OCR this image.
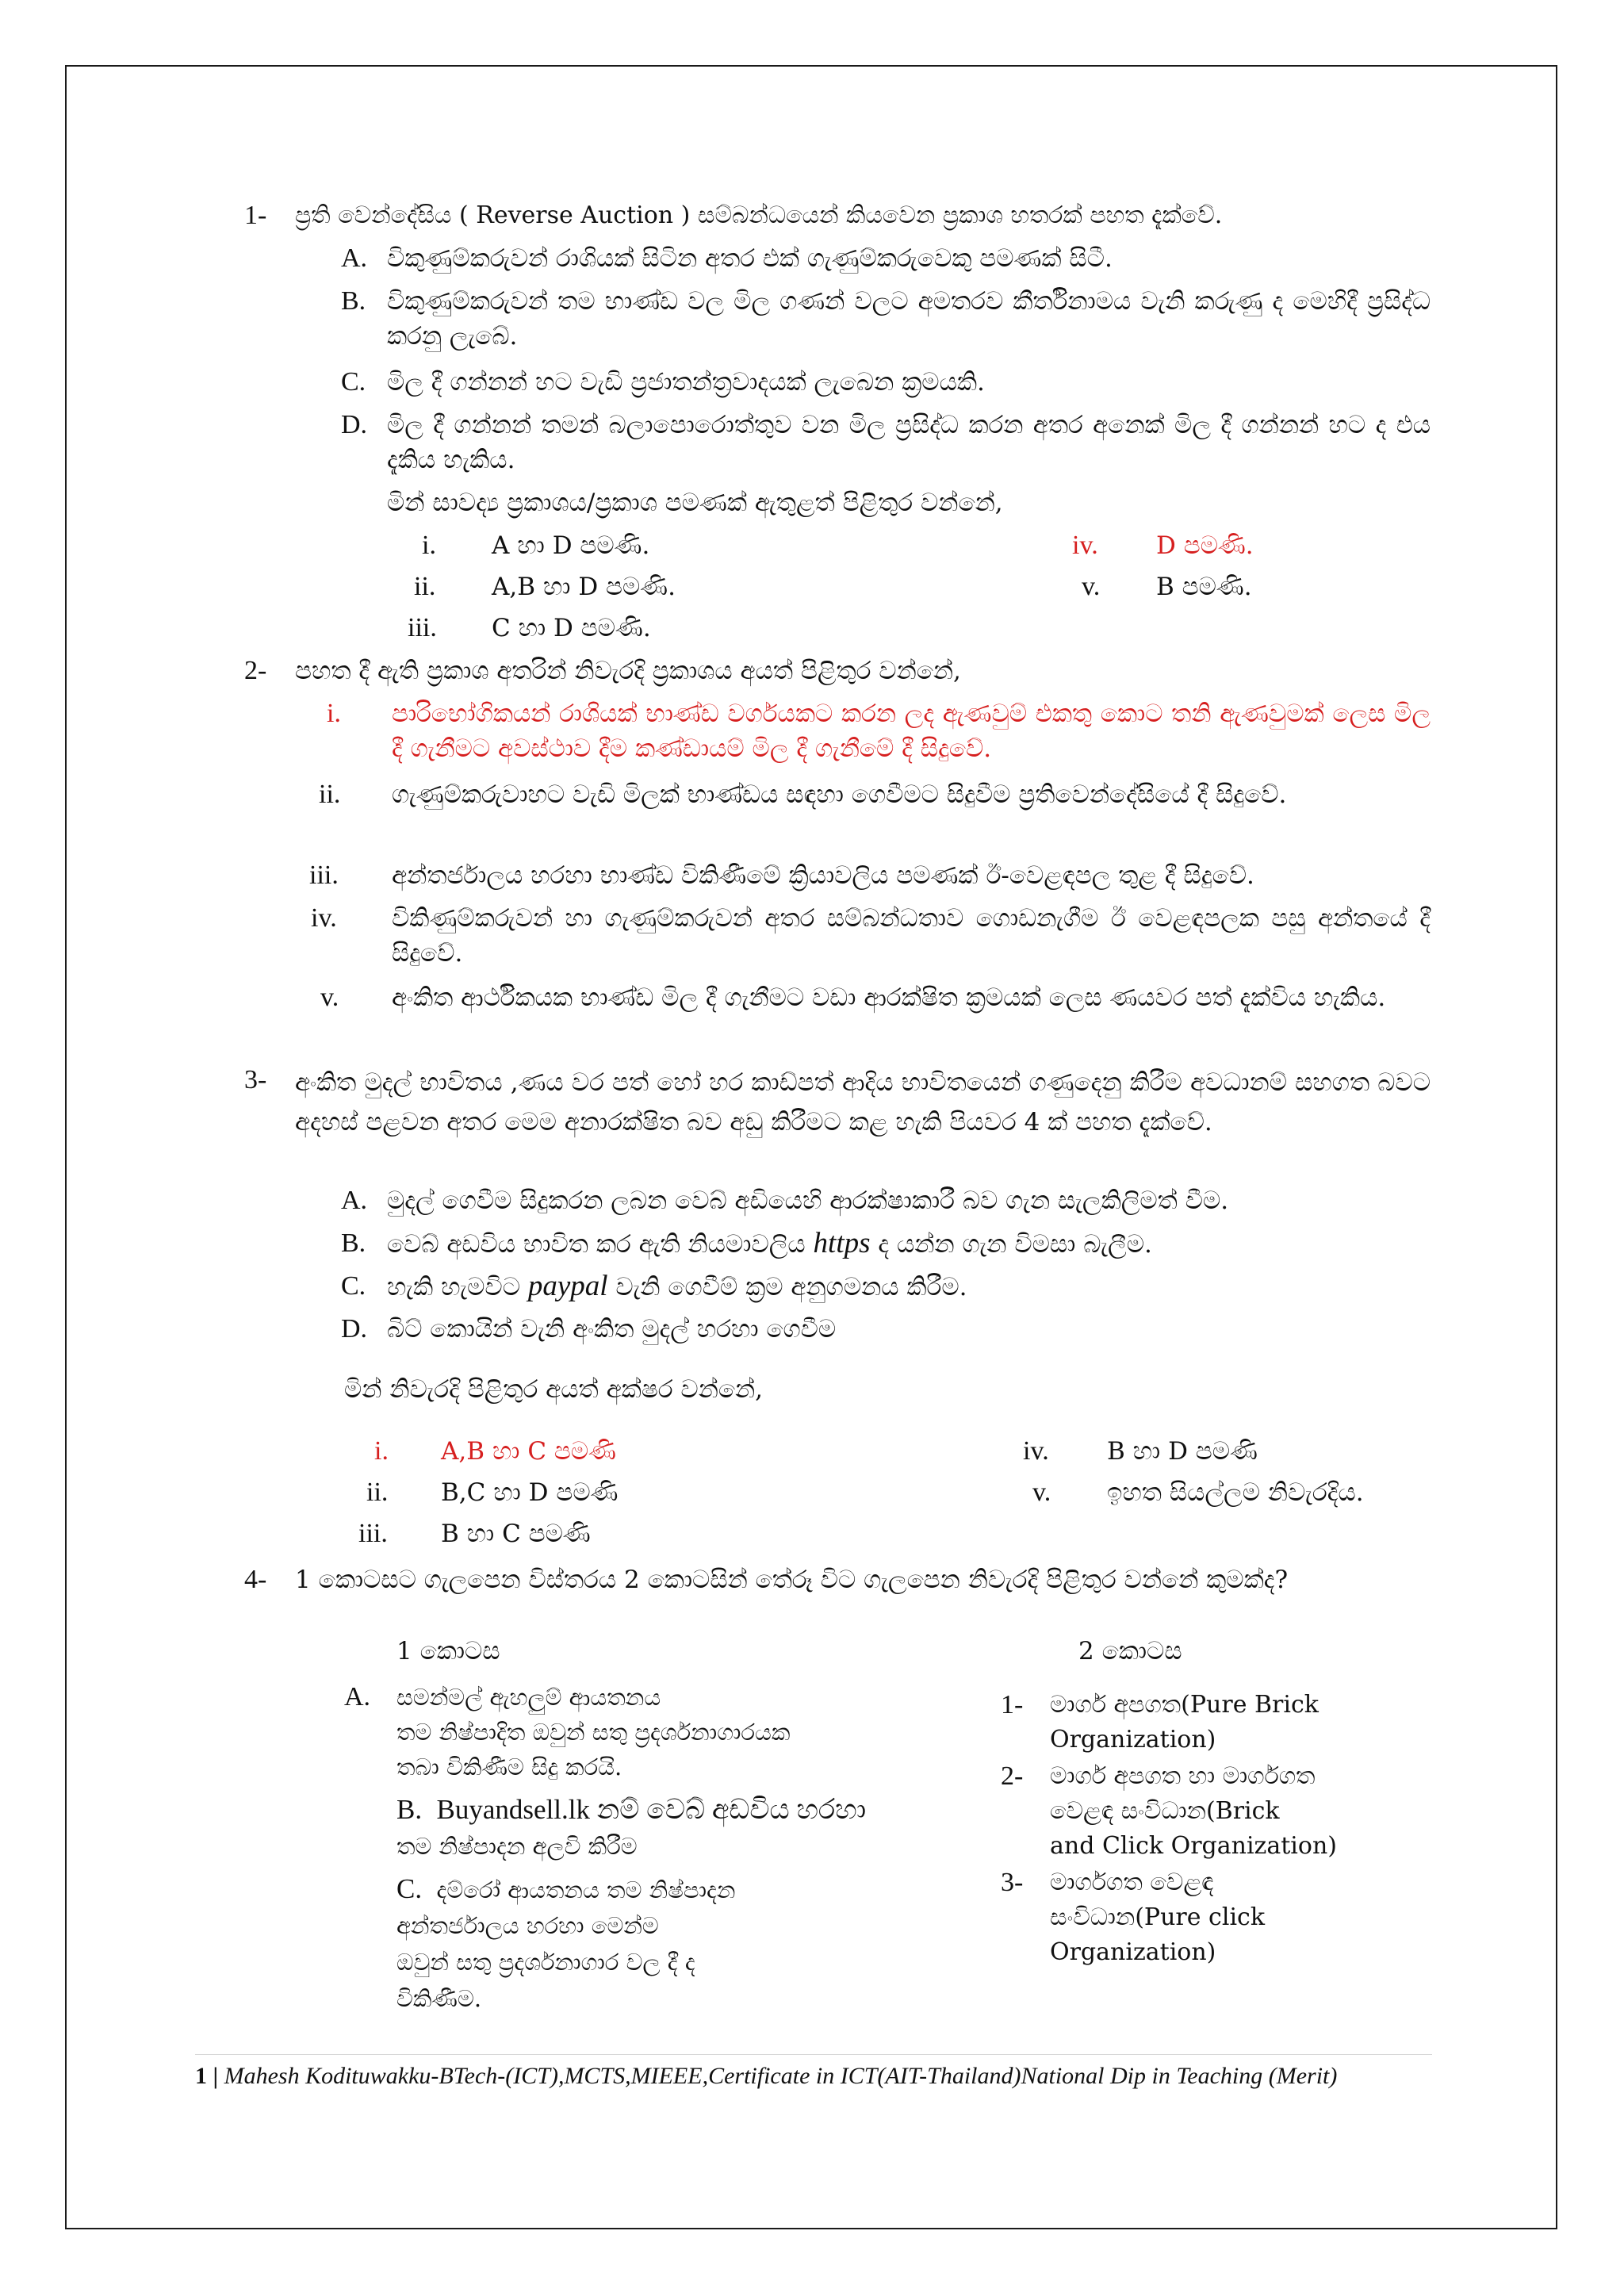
1- ප්‍රති වෙන්දේසිය ( Reverse Auction ) සම්බන්ධයෙන් කියවෙන ප්‍රකාශ හතරක් පහත දැක්වේ.
A. විකුණුම්කරුවන් රාශියක් සිටින අතර එක් ගැණුම්කරුවෙකු පමණක් සිටී.
B. විකුණුම්කරුවන් තම භාණ්ඩ වල මිල ගණන් වලට අමතරව කීර්තිනාමය වැනි කරුණු ද මෙහිදී ප්‍රසිද්ධ කරනු ලැබේ.
C. මිල දී ගන්නන් හට වැඩි ප්‍රජාතන්ත්‍රවාදයක් ලැබෙන ක්‍රමයකි.
D. මිල දී ගන්නන් තමන් බලාපොරොත්තුව වන මිල ප්‍රසිද්ධ කරන අතර අනෙක් මිල දී ගන්නන් හට ද එය දැකිය හැකිය.
මින් සාවද්‍ය ප්‍රකාශය/ප්‍රකාශ පමණක් ඇතුළත් පිළිතුර වන්නේ,
i. A හා D පමණි.
ii. A,B හා D පමණි.
iii. C හා D පමණි.
iv. D පමණි.
v. B පමණි.
2- පහත දී ඇති ප්‍රකාශ අතරින් නිවැරදි ප්‍රකාශය අයත් පිළිතුර වන්නේ,
i. පාරිභෝගිකයන් රාශියක් භාණ්ඩ වර්ගයකට කරන ලද ඇණවුම් එකතු කොට තනි ඇණවුමක් ලෙස මිල දී ගැනීමට අවස්ථාව දීම කණ්ඩායම් මිල දී ගැනීමේ දී සිදුවේ.
ii. ගැණුම්කරුවාහට වැඩි මිලක් භාණ්ඩය සඳහා ගෙවීමට සිදුවීම ප්‍රතිවෙන්දේසියේ දී සිදුවේ.
iii. අන්තර්ජාලය හරහා භාණ්ඩ විකිණීමේ ක්‍රියාවලිය පමණක් ඊ-වෙළඳපල තුළ දී සිදුවේ.
iv. විකිණුම්කරුවන් හා ගැණුම්කරුවන් අතර සම්බන්ධතාව ගොඩනැගීම ඊ වෙළඳපලක පසු අන්තයේ දී සිදුවේ.
v. අංකිත ආර්ථිකයක භාණ්ඩ මිල දී ගැනීමට වඩා ආරක්ෂිත ක්‍රමයක් ලෙස ණයවර පත් දැක්විය හැකිය.
3- අංකිත මුදල් භාවිතය ,ණය වර පත් හෝ හර කාඩ්පත් ආදිය භාවිතයෙන් ගණුදෙනු කිරීම අවධානම් සහගත බවට අදහස් පළවන අතර මෙම අනාරක්ෂිත බව අඩු කිරීමට කළ හැකි පියවර 4 ක් පහත දැක්වේ.
A. මුදල් ගෙවීම සිදුකරන ලබන වෙබ් අඩියෙහි ආරක්ෂාකාරී බව ගැන සැලකිලිමත් වීම.
B. වෙබ් අඩවිය භාවිත කර ඇති නියමාවලිය https ද යන්න ගැන විමසා බැලීම.
C. හැකි හැමවිට paypal වැනි ගෙවීම් ක්‍රම අනුගමනය කිරීම.
D. බිට් කොයින් වැනි අංකිත මුදල් හරහා ගෙවීම
මින් නිවැරදි පිළිතුර අයත් අක්ෂර වන්නේ,
i. A,B හා C පමණි
ii. B,C හා D පමණි
iii. B හා C පමණි
iv. B හා D පමණි
v. ඉහත සියල්ලම නිවැරදිය.
4- 1 කොටසට ගැලපෙන විස්තරය 2 කොටසින් තේරූ විට ගැලපෙන නිවැරදි පිළිතුර වන්නේ කුමක්ද?
1 කොටස	2 කොටස
A. සමන්මල් ඇහලුම් ආයතනය
තම නිෂ්පාදිත ඔවුන් සතු ප්‍රදර්ශනාගාරයක
තබා විකිණීම සිදු කරයි.
B. Buyandsell.lk නම් වෙබ් අඩවිය හරහා
තම නිෂ්පාදන අලවි කිරීම
C. දම්රෝ ආයතනය තම නිෂ්පාදන
අන්තර්ජාලය හරහා මෙන්ම
ඔවුන් සතු ප්‍රදර්ශනාගාර වල දී ද
විකිණීම.
1- මාර්ග අපගත(Pure Brick
Organization)
2- මාර්ග අපගත හා මාර්ගගත
වෙළඳ සංවිධාන(Brick
and Click Organization)
3- මාර්ගගත වෙළඳ
සංවිධාන(Pure click
Organization)
1 | Mahesh Kodituwakku-BTech-(ICT),MCTS,MIEEE,Certificate in ICT(AIT-Thailand)National Dip in Teaching (Merit)
